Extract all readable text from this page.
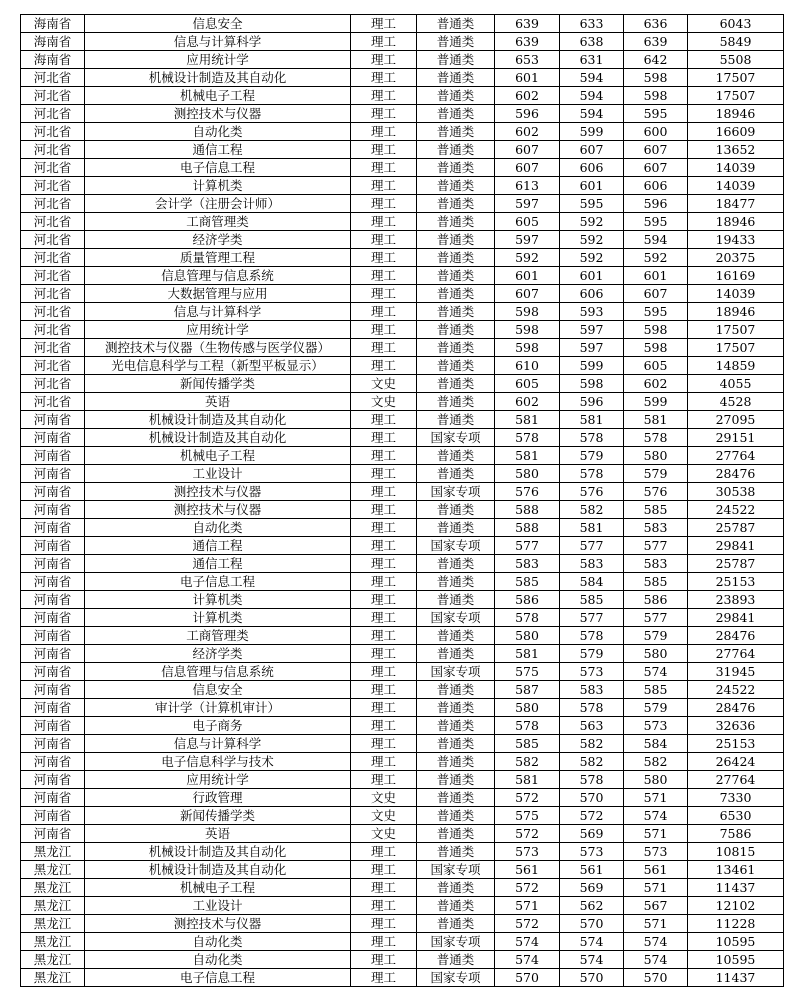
海南省	信息安全	理工	普通类	639	633	636	6043
海南省	信息与计算科学	理工	普通类	639	638	639	5849
海南省	应用统计学	理工	普通类	653	631	642	5508
河北省	机械设计制造及其自动化	理工	普通类	601	594	598	17507
河北省	机械电子工程	理工	普通类	602	594	598	17507
河北省	测控技术与仪器	理工	普通类	596	594	595	18946
河北省	自动化类	理工	普通类	602	599	600	16609
河北省	通信工程	理工	普通类	607	607	607	13652
河北省	电子信息工程	理工	普通类	607	606	607	14039
河北省	计算机类	理工	普通类	613	601	606	14039
河北省	会计学（注册会计师）	理工	普通类	597	595	596	18477
河北省	工商管理类	理工	普通类	605	592	595	18946
河北省	经济学类	理工	普通类	597	592	594	19433
河北省	质量管理工程	理工	普通类	592	592	592	20375
河北省	信息管理与信息系统	理工	普通类	601	601	601	16169
河北省	大数据管理与应用	理工	普通类	607	606	607	14039
河北省	信息与计算科学	理工	普通类	598	593	595	18946
河北省	应用统计学	理工	普通类	598	597	598	17507
河北省	测控技术与仪器（生物传感与医学仪器）	理工	普通类	598	597	598	17507
河北省	光电信息科学与工程（新型平板显示）	理工	普通类	610	599	605	14859
河北省	新闻传播学类	文史	普通类	605	598	602	4055
河北省	英语	文史	普通类	602	596	599	4528
河南省	机械设计制造及其自动化	理工	普通类	581	581	581	27095
河南省	机械设计制造及其自动化	理工	国家专项	578	578	578	29151
河南省	机械电子工程	理工	普通类	581	579	580	27764
河南省	工业设计	理工	普通类	580	578	579	28476
河南省	测控技术与仪器	理工	国家专项	576	576	576	30538
河南省	测控技术与仪器	理工	普通类	588	582	585	24522
河南省	自动化类	理工	普通类	588	581	583	25787
河南省	通信工程	理工	国家专项	577	577	577	29841
河南省	通信工程	理工	普通类	583	583	583	25787
河南省	电子信息工程	理工	普通类	585	584	585	25153
河南省	计算机类	理工	普通类	586	585	586	23893
河南省	计算机类	理工	国家专项	578	577	577	29841
河南省	工商管理类	理工	普通类	580	578	579	28476
河南省	经济学类	理工	普通类	581	579	580	27764
河南省	信息管理与信息系统	理工	国家专项	575	573	574	31945
河南省	信息安全	理工	普通类	587	583	585	24522
河南省	审计学（计算机审计）	理工	普通类	580	578	579	28476
河南省	电子商务	理工	普通类	578	563	573	32636
河南省	信息与计算科学	理工	普通类	585	582	584	25153
河南省	电子信息科学与技术	理工	普通类	582	582	582	26424
河南省	应用统计学	理工	普通类	581	578	580	27764
河南省	行政管理	文史	普通类	572	570	571	7330
河南省	新闻传播学类	文史	普通类	575	572	574	6530
河南省	英语	文史	普通类	572	569	571	7586
黑龙江	机械设计制造及其自动化	理工	普通类	573	573	573	10815
黑龙江	机械设计制造及其自动化	理工	国家专项	561	561	561	13461
黑龙江	机械电子工程	理工	普通类	572	569	571	11437
黑龙江	工业设计	理工	普通类	571	562	567	12102
黑龙江	测控技术与仪器	理工	普通类	572	570	571	11228
黑龙江	自动化类	理工	国家专项	574	574	574	10595
黑龙江	自动化类	理工	普通类	574	574	574	10595
黑龙江	电子信息工程	理工	国家专项	570	570	570	11437
